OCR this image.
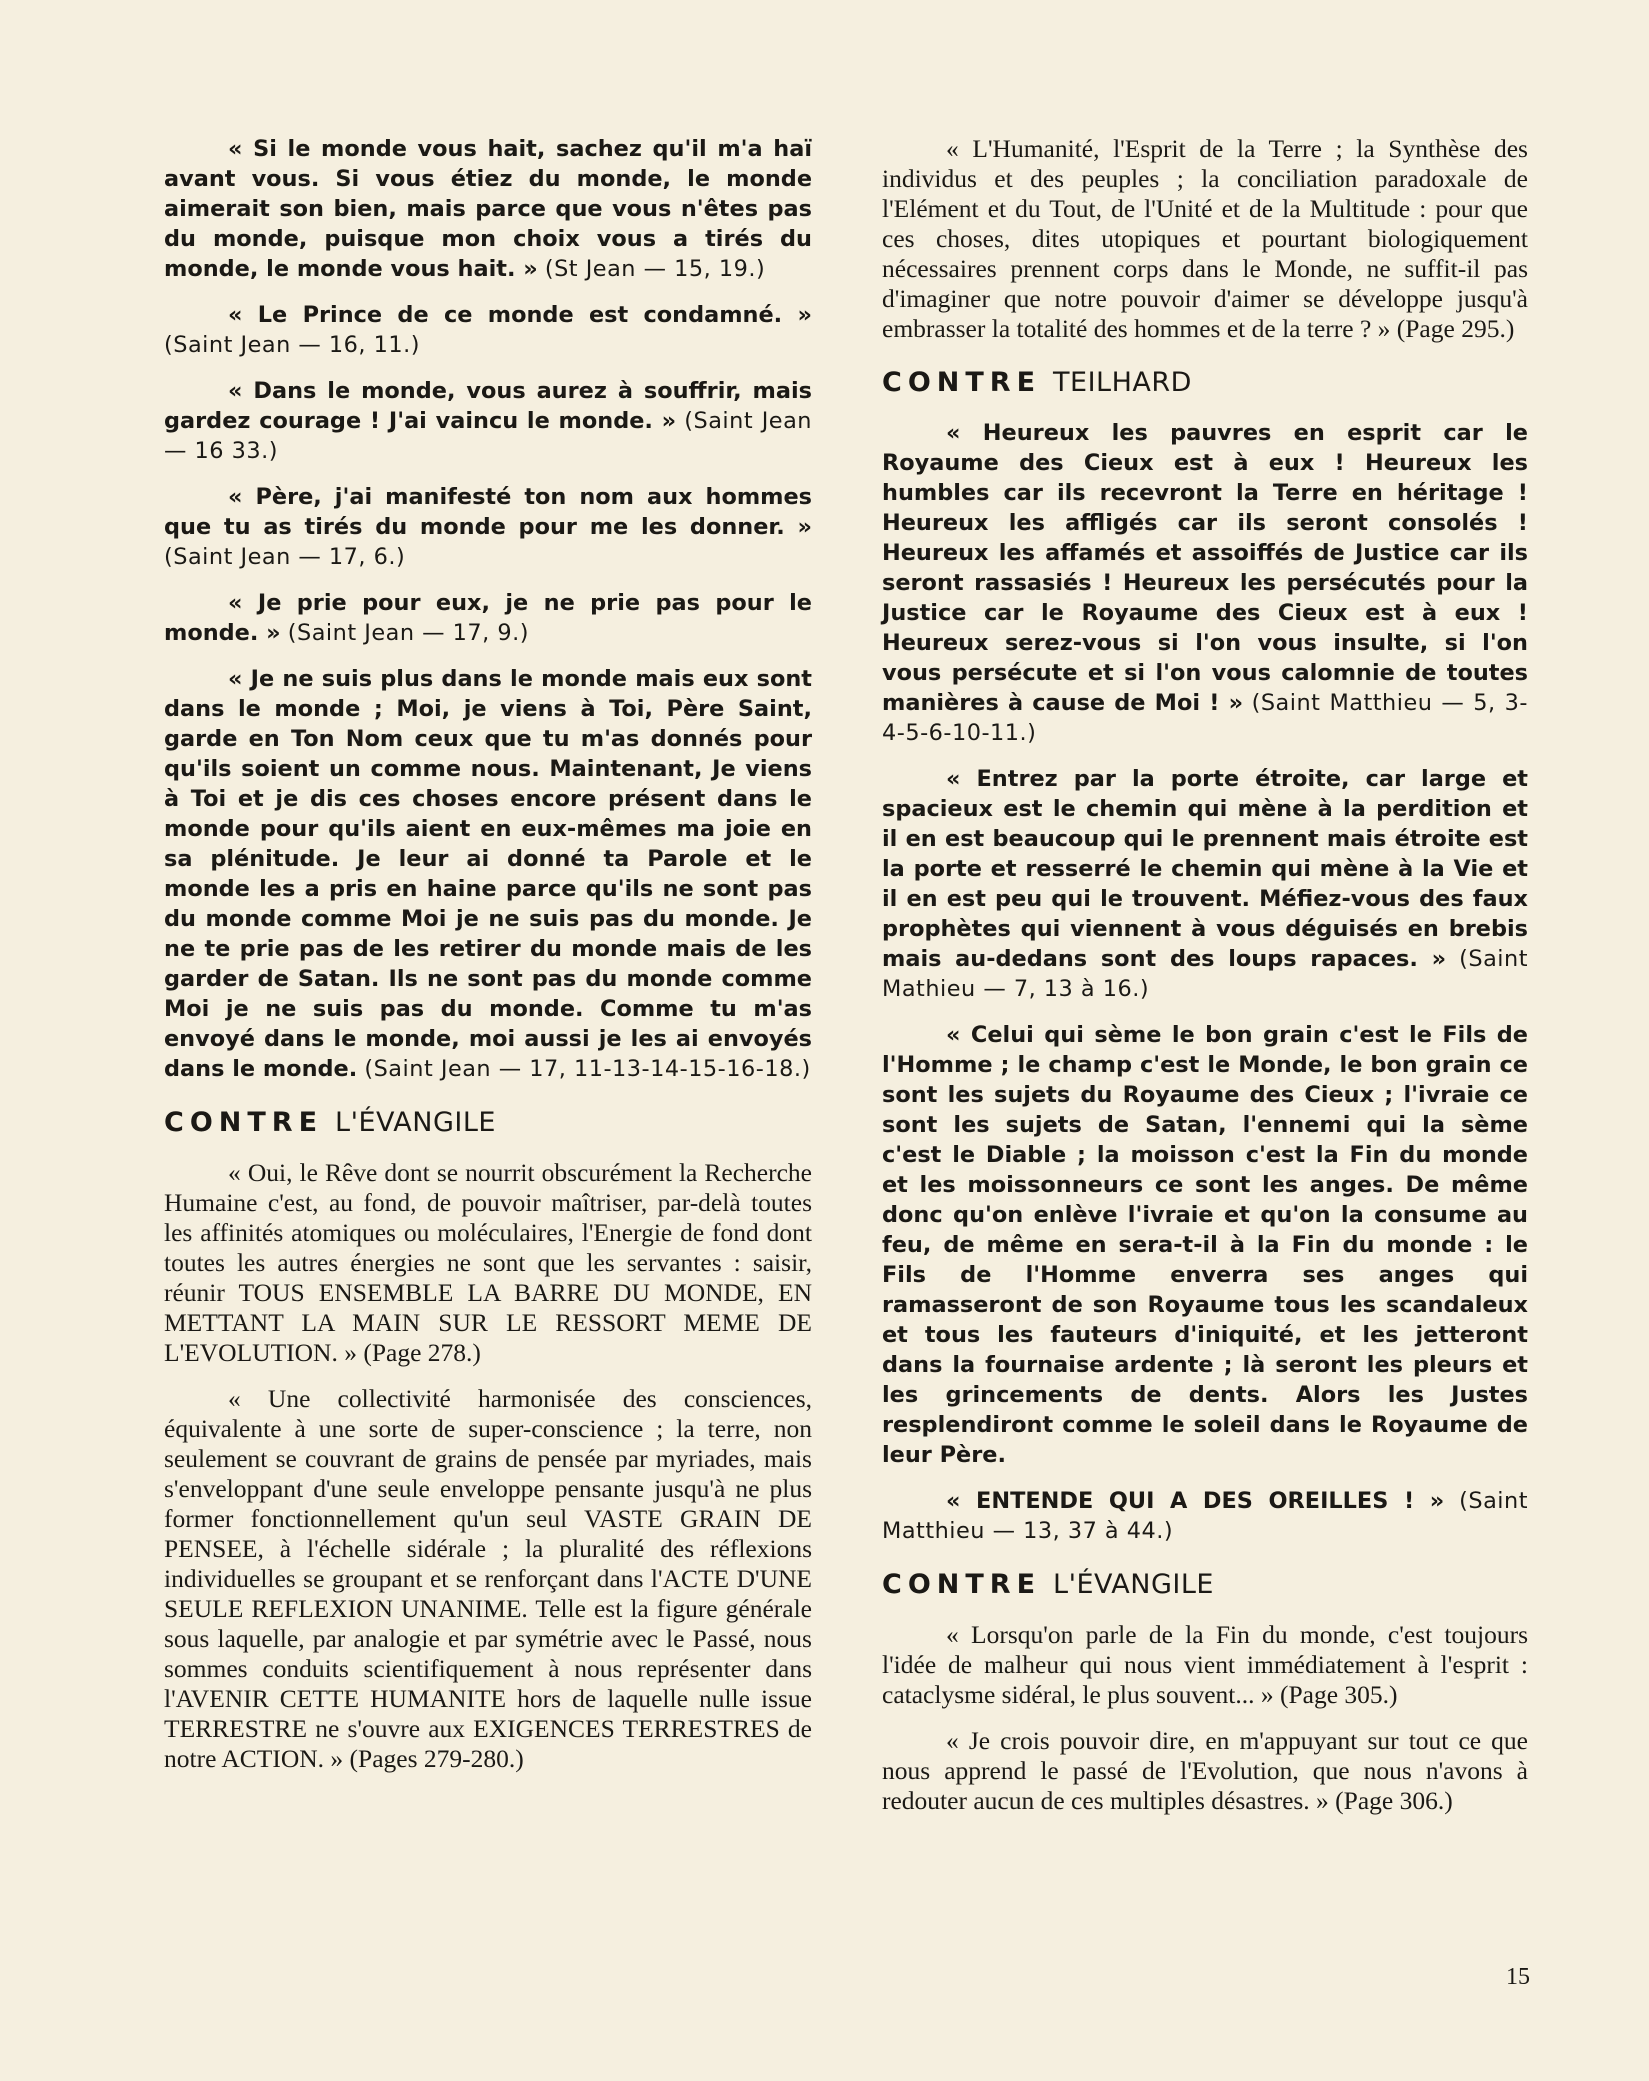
« Si le monde vous hait, sachez qu'il m'a haï avant vous. Si vous étiez du monde, le monde aimerait son bien, mais parce que vous n'êtes pas du monde, puisque mon choix vous a tirés du monde, le monde vous hait. » (St Jean — 15, 19.)

« Le Prince de ce monde est condamné. » (Saint Jean — 16, 11.)

« Dans le monde, vous aurez à souffrir, mais gardez courage ! J'ai vaincu le monde. » (Saint Jean — 16 33.)

« Père, j'ai manifesté ton nom aux hommes que tu as tirés du monde pour me les donner. » (Saint Jean — 17, 6.)

« Je prie pour eux, je ne prie pas pour le monde. » (Saint Jean — 17, 9.)

« Je ne suis plus dans le monde mais eux sont dans le monde ; Moi, je viens à Toi, Père Saint, garde en Ton Nom ceux que tu m'as donnés pour qu'ils soient un comme nous. Maintenant, Je viens à Toi et je dis ces choses encore présent dans le monde pour qu'ils aient en eux-mêmes ma joie en sa plénitude. Je leur ai donné ta Parole et le monde les a pris en haine parce qu'ils ne sont pas du monde comme Moi je ne suis pas du monde. Je ne te prie pas de les retirer du monde mais de les garder de Satan. Ils ne sont pas du monde comme Moi je ne suis pas du monde. Comme tu m'as envoyé dans le monde, moi aussi je les ai envoyés dans le monde. (Saint Jean — 17, 11-13-14-15-16-18.)

CONTRE L'ÉVANGILE

« Oui, le Rêve dont se nourrit obscurément la Recherche Humaine c'est, au fond, de pouvoir maîtriser, par-delà toutes les affinités atomiques ou moléculaires, l'Energie de fond dont toutes les autres énergies ne sont que les servantes : saisir, réunir TOUS ENSEMBLE LA BARRE DU MONDE, EN METTANT LA MAIN SUR LE RESSORT MEME DE L'EVOLUTION. » (Page 278.)

« Une collectivité harmonisée des consciences, équivalente à une sorte de super-conscience ; la terre, non seulement se couvrant de grains de pensée par myriades, mais s'enveloppant d'une seule enveloppe pensante jusqu'à ne plus former fonctionnellement qu'un seul VASTE GRAIN DE PENSEE, à l'échelle sidérale ; la pluralité des réflexions individuelles se groupant et se renforçant dans l'ACTE D'UNE SEULE REFLEXION UNANIME. Telle est la figure générale sous laquelle, par analogie et par symétrie avec le Passé, nous sommes conduits scientifiquement à nous représenter dans l'AVENIR CETTE HUMANITE hors de laquelle nulle issue TERRESTRE ne s'ouvre aux EXIGENCES TERRESTRES de notre ACTION. » (Pages 279-280.)

« L'Humanité, l'Esprit de la Terre ; la Synthèse des individus et des peuples ; la conciliation paradoxale de l'Elément et du Tout, de l'Unité et de la Multitude : pour que ces choses, dites utopiques et pourtant biologiquement nécessaires prennent corps dans le Monde, ne suffit-il pas d'imaginer que notre pouvoir d'aimer se développe jusqu'à embrasser la totalité des hommes et de la terre ? » (Page 295.)

CONTRE TEILHARD

« Heureux les pauvres en esprit car le Royaume des Cieux est à eux ! Heureux les humbles car ils recevront la Terre en héritage ! Heureux les affligés car ils seront consolés ! Heureux les affamés et assoiffés de Justice car ils seront rassasiés ! Heureux les persécutés pour la Justice car le Royaume des Cieux est à eux ! Heureux serez-vous si l'on vous insulte, si l'on vous persécute et si l'on vous calomnie de toutes manières à cause de Moi ! » (Saint Matthieu — 5, 3-4-5-6-10-11.)

« Entrez par la porte étroite, car large et spacieux est le chemin qui mène à la perdition et il en est beaucoup qui le prennent mais étroite est la porte et resserré le chemin qui mène à la Vie et il en est peu qui le trouvent. Méfiez-vous des faux prophètes qui viennent à vous déguisés en brebis mais au-dedans sont des loups rapaces. » (Saint Mathieu — 7, 13 à 16.)

« Celui qui sème le bon grain c'est le Fils de l'Homme ; le champ c'est le Monde, le bon grain ce sont les sujets du Royaume des Cieux ; l'ivraie ce sont les sujets de Satan, l'ennemi qui la sème c'est le Diable ; la moisson c'est la Fin du monde et les moissonneurs ce sont les anges. De même donc qu'on enlève l'ivraie et qu'on la consume au feu, de même en sera-t-il à la Fin du monde : le Fils de l'Homme enverra ses anges qui ramasseront de son Royaume tous les scandaleux et tous les fauteurs d'iniquité, et les jetteront dans la fournaise ardente ; là seront les pleurs et les grincements de dents. Alors les Justes resplendiront comme le soleil dans le Royaume de leur Père.

« ENTENDE QUI A DES OREILLES ! » (Saint Matthieu — 13, 37 à 44.)

CONTRE L'ÉVANGILE

« Lorsqu'on parle de la Fin du monde, c'est toujours l'idée de malheur qui nous vient immédiatement à l'esprit : cataclysme sidéral, le plus souvent... » (Page 305.)

« Je crois pouvoir dire, en m'appuyant sur tout ce que nous apprend le passé de l'Evolution, que nous n'avons à redouter aucun de ces multiples désastres. » (Page 306.)

15
